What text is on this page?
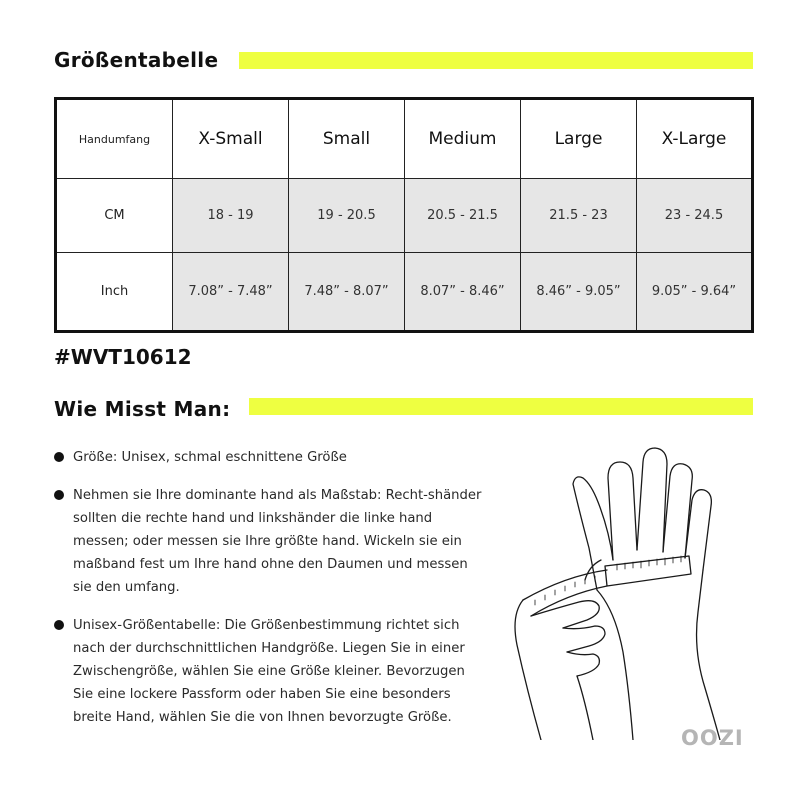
Größentabelle
Handumfang	X-Small	Small	Medium	Large	X-Large
CM	18 - 19	19 - 20.5	20.5 - 21.5	21.5 - 23	23 - 24.5
Inch	7.08” - 7.48”	7.48” - 8.07”	8.07” - 8.46”	8.46” - 9.05”	9.05” - 9.64”
#WVT10612
Wie Misst Man:
Größe: Unisex, schmal eschnittene Größe
Nehmen sie Ihre dominante hand als Maßstab: Recht-shänder sollten die rechte hand und linkshänder die linke hand messen; oder messen sie Ihre größte hand. Wickeln sie ein maßband fest um Ihre hand ohne den Daumen und messen sie den umfang.
Unisex-Größentabelle: Die Größenbestimmung richtet sich nach der durchschnittlichen Handgröße. Liegen Sie in einer Zwischengröße, wählen Sie eine Größe kleiner. Bevorzugen Sie eine lockere Passform oder haben Sie eine besonders breite Hand, wählen Sie die von Ihnen bevorzugte Größe.
OOZI
